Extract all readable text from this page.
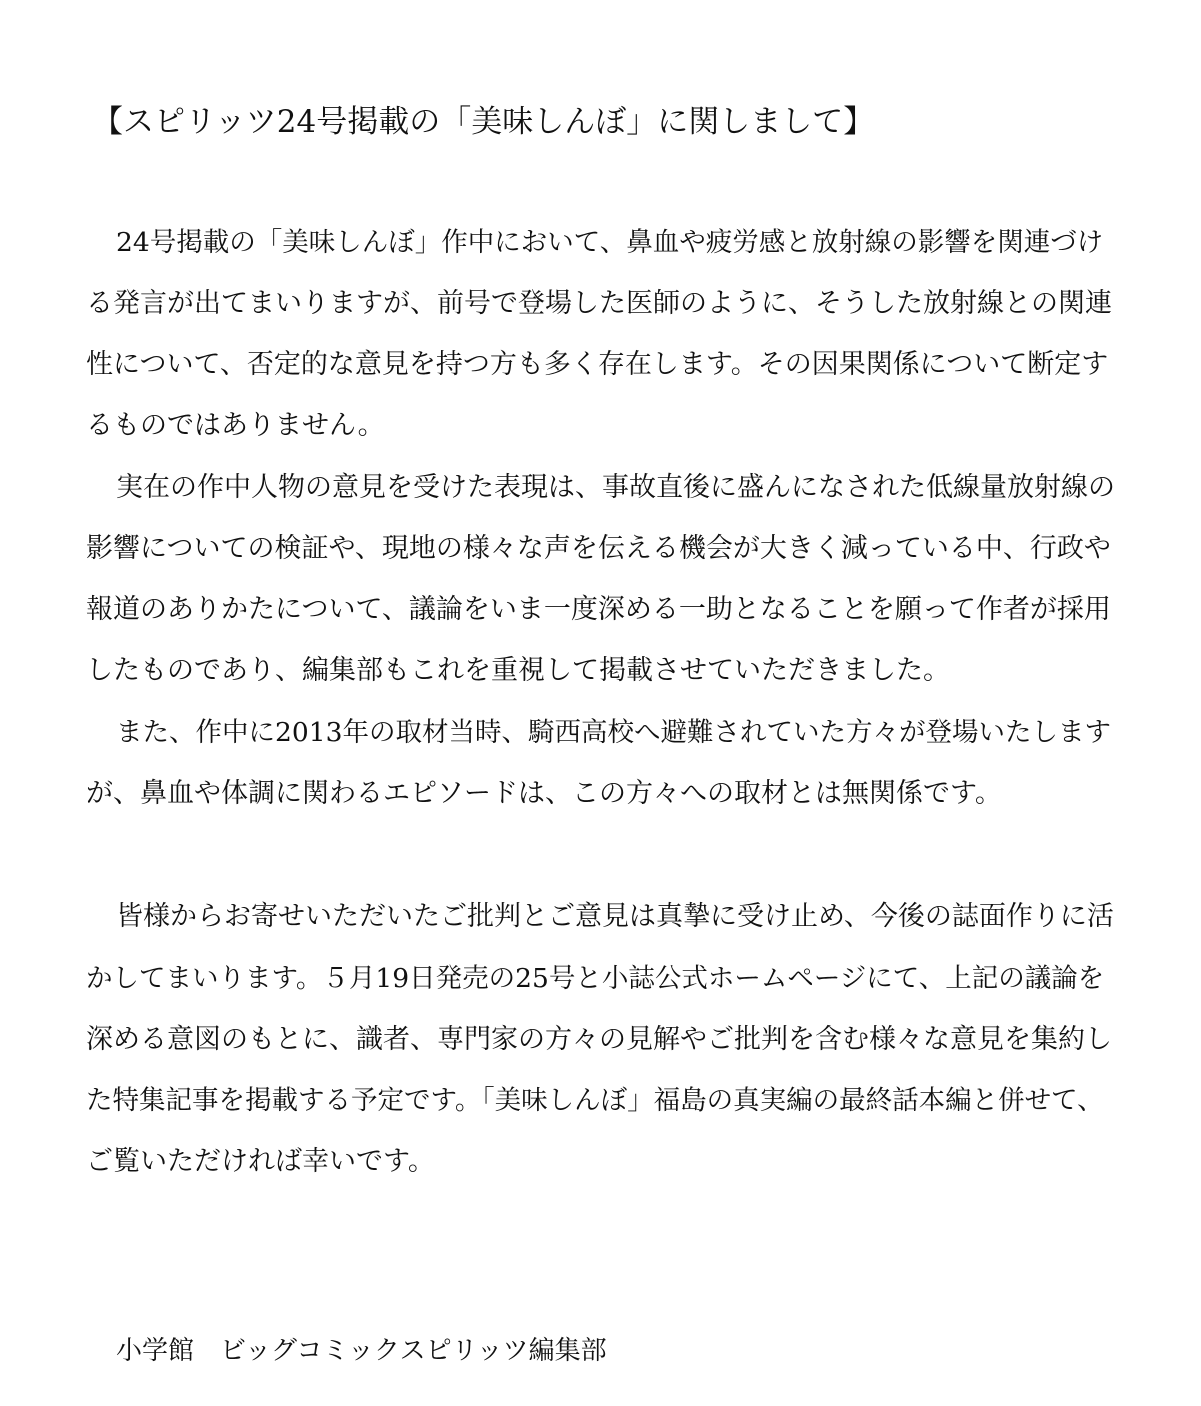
【スピリッツ24号掲載の「美味しんぼ」に関しまして】
24号掲載の「美味しんぼ」作中において、鼻血や疲労感と放射線の影響を関連づけ
る発言が出てまいりますが、前号で登場した医師のように、そうした放射線との関連
性について、否定的な意見を持つ方も多く存在します。その因果関係について断定す
るものではありません。
実在の作中人物の意見を受けた表現は、事故直後に盛んになされた低線量放射線の
影響についての検証や、現地の様々な声を伝える機会が大きく減っている中、行政や
報道のありかたについて、議論をいま一度深める一助となることを願って作者が採用
したものであり、編集部もこれを重視して掲載させていただきました。
また、作中に2013年の取材当時、騎西高校へ避難されていた方々が登場いたします
が、鼻血や体調に関わるエピソードは、この方々への取材とは無関係です。
皆様からお寄せいただいたご批判とご意見は真摯に受け止め、今後の誌面作りに活
かしてまいります。５月19日発売の25号と小誌公式ホームページにて、上記の議論を
深める意図のもとに、識者、専門家の方々の見解やご批判を含む様々な意見を集約し
た特集記事を掲載する予定です。「美味しんぼ」福島の真実編の最終話本編と併せて、
ご覧いただければ幸いです。
小学館　ビッグコミックスピリッツ編集部
